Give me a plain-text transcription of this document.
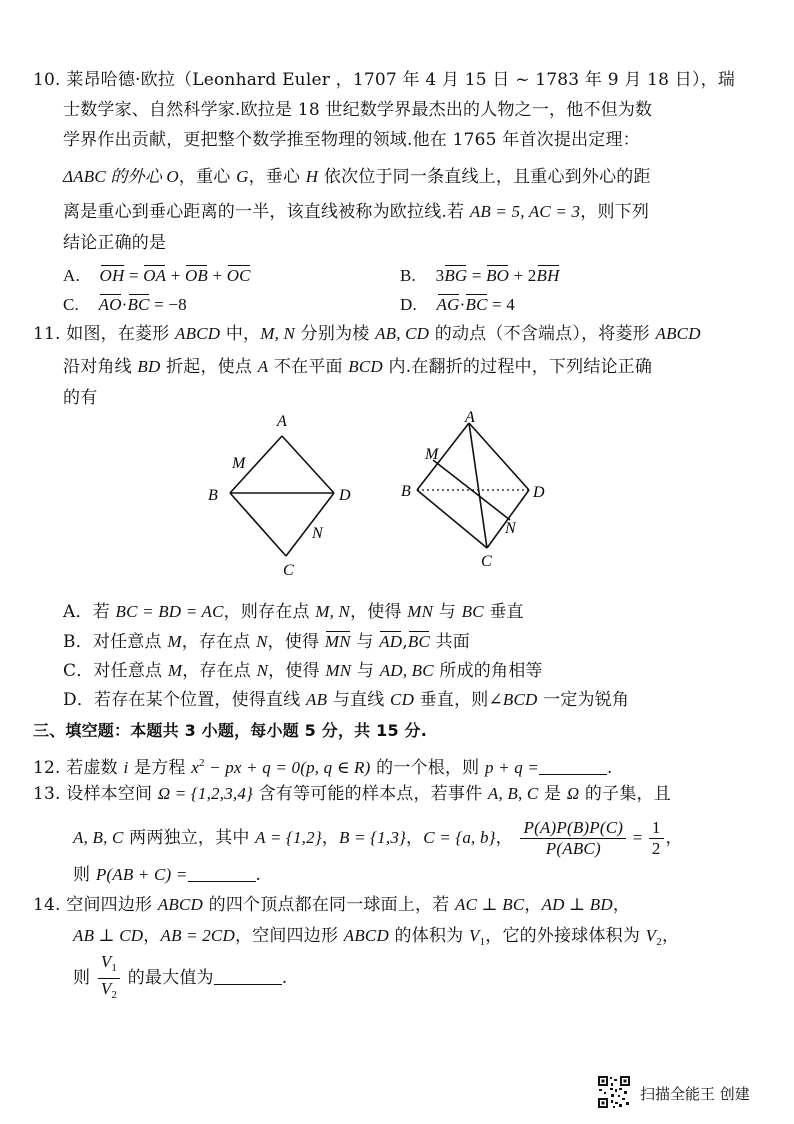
10. 莱昂哈德·欧拉（Leonhard Euler ，1707 年 4 月 15 日 ~ 1783 年 9 月 18 日），瑞
士数学家、自然科学家.欧拉是 18 世纪数学界最杰出的人物之一，他不但为数
学界作出贡献，更把整个数学推至物理的领域.他在 1765 年首次提出定理：
ΔABC 的外心 O，重心 G，垂心 H 依次位于同一条直线上，且重心到外心的距
离是重心到垂心距离的一半，该直线被称为欧拉线.若 AB = 5, AC = 3，则下列
结论正确的是
A. OH = OA + OB + OC	B. 3BG = BO + 2BH
C. AO·BC = −8	D. AG·BC = 4
11. 如图，在菱形 ABCD 中，M, N 分别为棱 AB, CD 的动点（不含端点），将菱形 ABCD
沿对角线 BD 折起，使点 A 不在平面 BCD 内.在翻折的过程中，下列结论正确
的有
A
M
B	D
N
C
A
M
B	D
N
C
A．若 BC = BD = AC，则存在点 M, N，使得 MN 与 BC 垂直
B．对任意点 M，存在点 N，使得 MN 与 AD,BC 共面
C．对任意点 M，存在点 N，使得 MN 与 AD, BC 所成的角相等
D．若存在某个位置，使得直线 AB 与直线 CD 垂直，则∠BCD 一定为锐角
三、填空题：本题共 3 小题，每小题 5 分，共 15 分.
12. 若虚数 i 是方程 $x^2$ − px + q = 0(p, q ∈ R) 的一个根，则 p + q =	.
13. 设样本空间 Ω = {1,2,3,4} 含有等可能的样本点，若事件 A, B, C 是 Ω 的子集，且
A, B, C 两两独立，其中 A = {1,2}，B = {1,3}，C = {a, b}， $\frac{P(A)P(B)P(C)}{\text{P(ABC)}} = \frac{1}{2}$ ，
则 P(AB + C) =	.
14. 空间四边形 ABCD 的四个顶点都在同一球面上，若 AC ⊥ BC，AD ⊥ BD，
AB ⊥ CD，AB = 2CD，空间四边形 ABCD 的体积为 $V_1$，它的外接球体积为 $V_2$，
则 $\frac{V_1}{V_2}$ 的最大值为	.
扫描全能王 创建
